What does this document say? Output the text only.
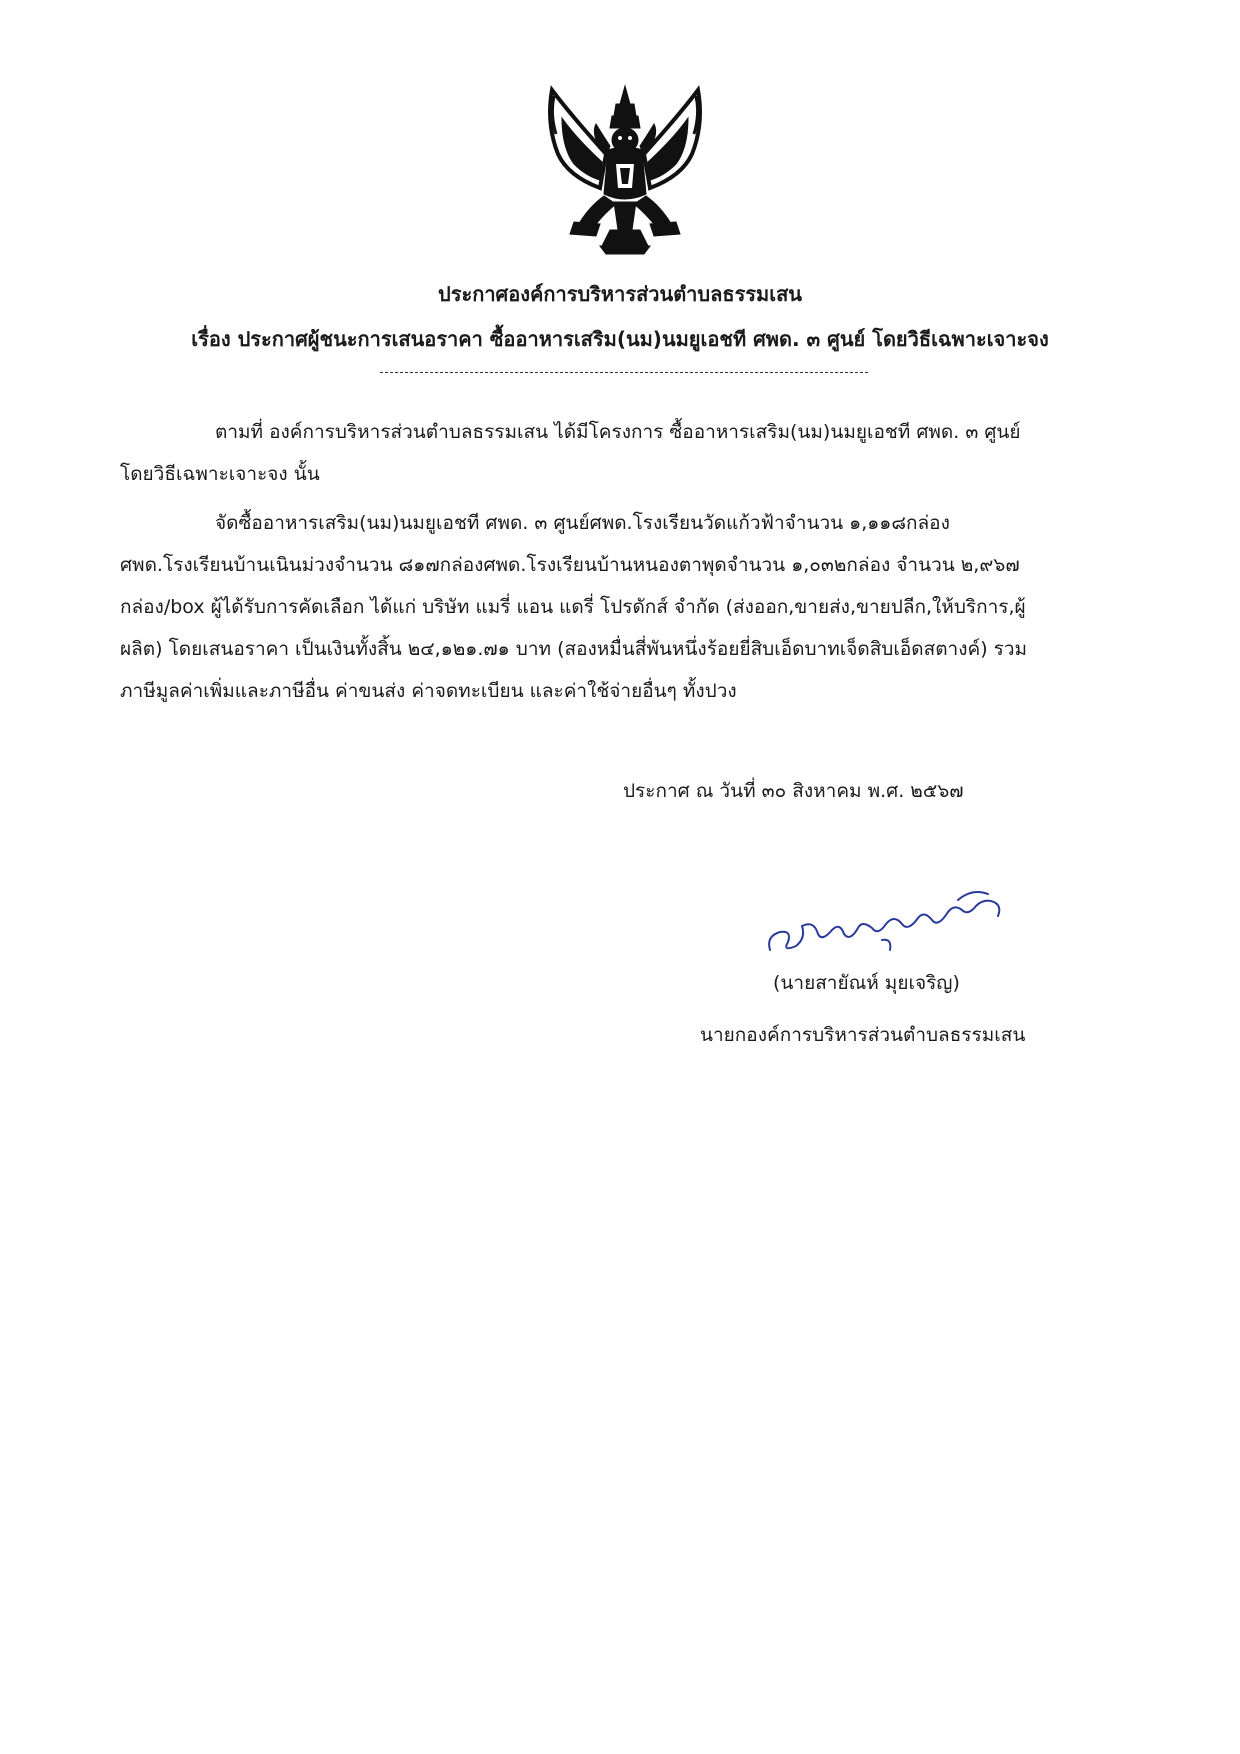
ประกาศองค์การบริหารส่วนตำบลธรรมเสน
เรื่อง ประกาศผู้ชนะการเสนอราคา ซื้ออาหารเสริม(นม)นมยูเอชที ศพด. ๓ ศูนย์ โดยวิธีเฉพาะเจาะจง
ตามที่ องค์การบริหารส่วนตำบลธรรมเสน ได้มีโครงการ ซื้ออาหารเสริม(นม)นมยูเอชที ศพด. ๓ ศูนย์
โดยวิธีเฉพาะเจาะจง นั้น
จัดซื้ออาหารเสริม(นม)นมยูเอชที ศพด. ๓ ศูนย์ศพด.โรงเรียนวัดแก้วฟ้าจำนวน ๑,๑๑๘กล่อง
ศพด.โรงเรียนบ้านเนินม่วงจำนวน ๘๑๗กล่องศพด.โรงเรียนบ้านหนองตาพุดจำนวน ๑,๐๓๒กล่อง จำนวน ๒,๙๖๗
กล่อง/box ผู้ได้รับการคัดเลือก ได้แก่ บริษัท แมรี่ แอน แดรี่ โปรดักส์ จำกัด (ส่งออก,ขายส่ง,ขายปลีก,ให้บริการ,ผู้
ผลิต) โดยเสนอราคา เป็นเงินทั้งสิ้น ๒๔,๑๒๑.๗๑ บาท (สองหมื่นสี่พันหนึ่งร้อยยี่สิบเอ็ดบาทเจ็ดสิบเอ็ดสตางค์) รวม
ภาษีมูลค่าเพิ่มและภาษีอื่น ค่าขนส่ง ค่าจดทะเบียน และค่าใช้จ่ายอื่นๆ ทั้งปวง
ประกาศ ณ วันที่ ๓๐ สิงหาคม พ.ศ. ๒๕๖๗
(นายสายัณห์ มุยเจริญ)
นายกองค์การบริหารส่วนตำบลธรรมเสน
